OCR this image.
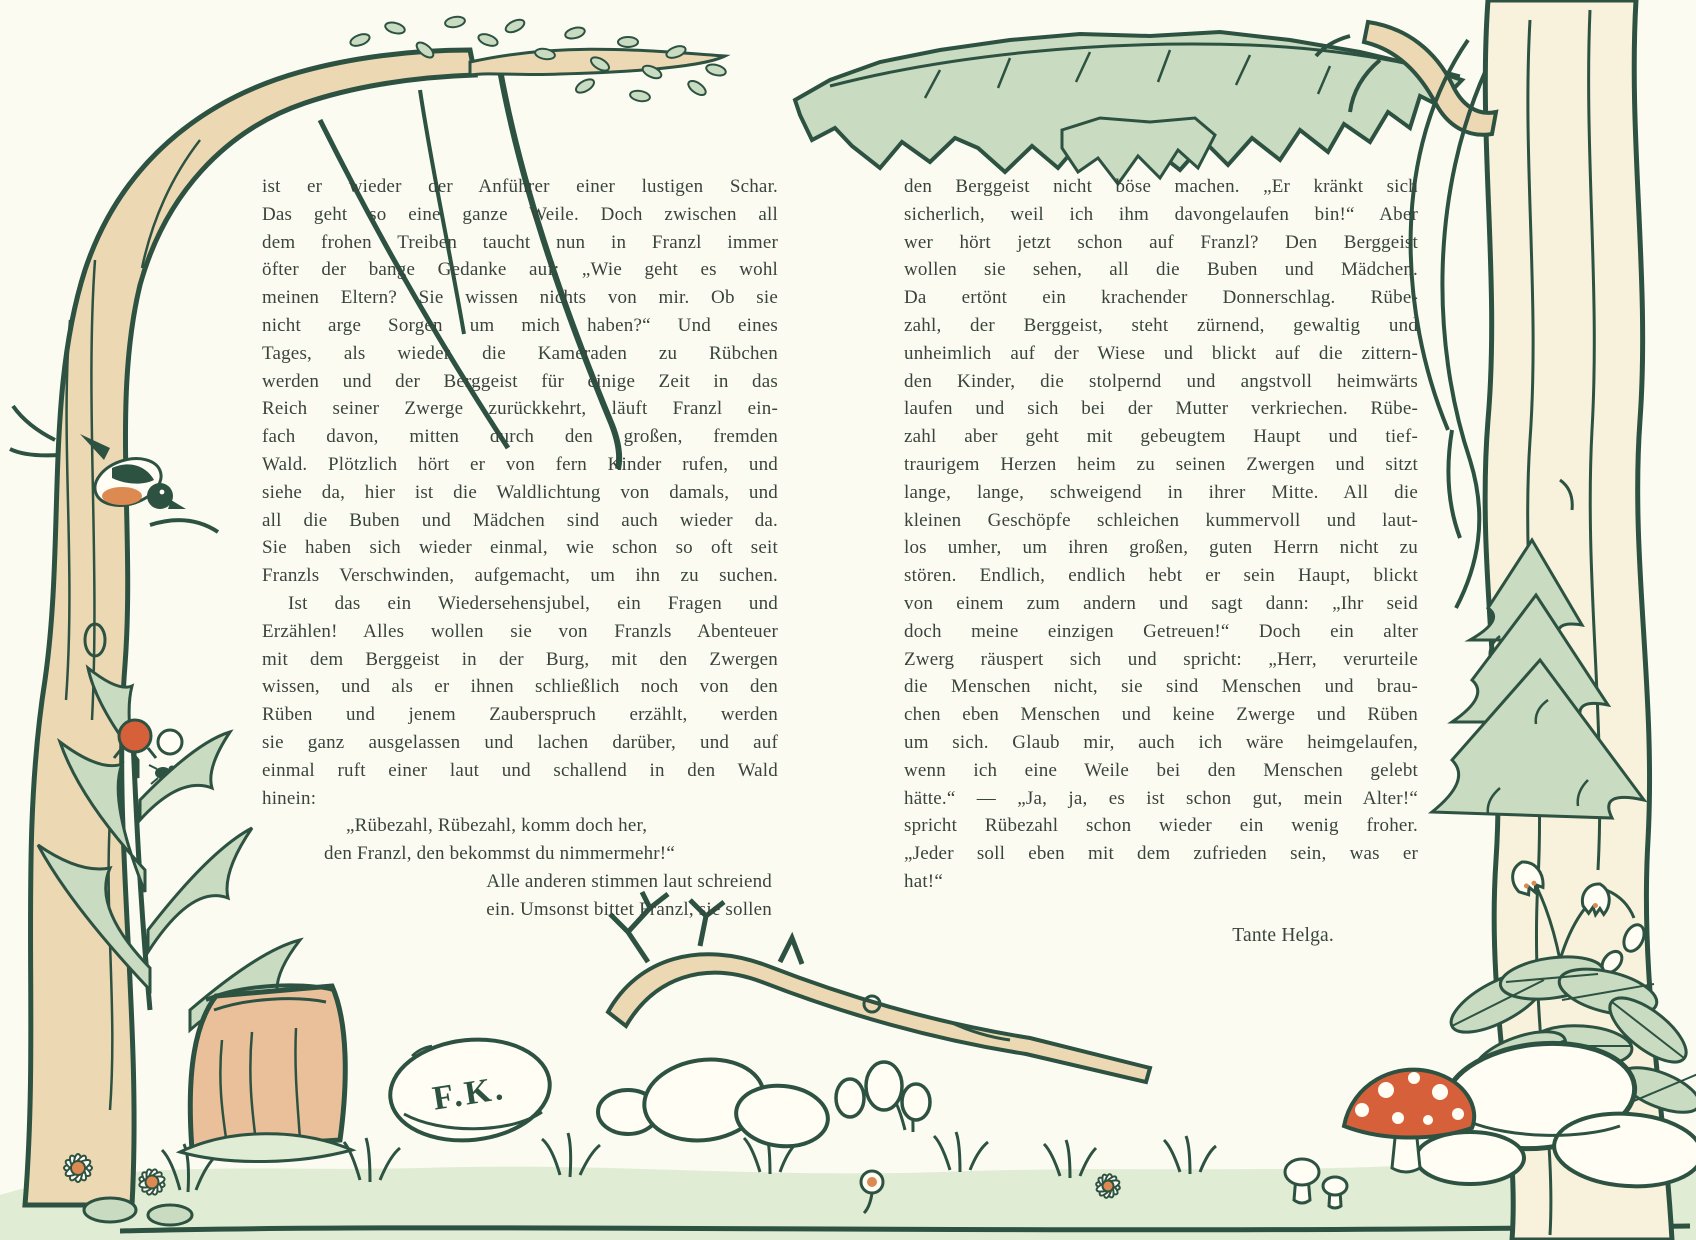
F.K.
ist er wieder der Anführer einer lustigen Schar.
Das geht so eine ganze Weile. Doch zwischen all
dem frohen Treiben taucht nun in Franzl immer
öfter der bange Gedanke auf: „Wie geht es wohl
meinen Eltern? Sie wissen nichts von mir. Ob sie
nicht arge Sorgen um mich haben?“ Und eines
Tages, als wieder die Kameraden zu Rübchen
werden und der Berggeist für einige Zeit in das
Reich seiner Zwerge zurückkehrt, läuft Franzl ein-
fach davon, mitten durch den großen, fremden
Wald. Plötzlich hört er von fern Kinder rufen, und
siehe da, hier ist die Waldlichtung von damals, und
all die Buben und Mädchen sind auch wieder da.
Sie haben sich wieder einmal, wie schon so oft seit
Franzls Verschwinden, aufgemacht, um ihn zu suchen.
Ist das ein Wiedersehensjubel, ein Fragen und
Erzählen! Alles wollen sie von Franzls Abenteuer
mit dem Berggeist in der Burg, mit den Zwergen
wissen, und als er ihnen schließlich noch von den
Rüben und jenem Zauberspruch erzählt, werden
sie ganz ausgelassen und lachen darüber, und auf
einmal ruft einer laut und schallend in den Wald
hinein:
„Rübezahl, Rübezahl, komm doch her,
den Franzl, den bekommst du nimmermehr!“
Alle anderen stimmen laut schreiend
ein. Umsonst bittet Franzl, sie sollen
den Berggeist nicht böse machen. „Er kränkt sich
sicherlich, weil ich ihm davongelaufen bin!“ Aber
wer hört jetzt schon auf Franzl? Den Berggeist
wollen sie sehen, all die Buben und Mädchen.
Da ertönt ein krachender Donnerschlag. Rübe-
zahl, der Berggeist, steht zürnend, gewaltig und
unheimlich auf der Wiese und blickt auf die zittern-
den Kinder, die stolpernd und angstvoll heimwärts
laufen und sich bei der Mutter verkriechen. Rübe-
zahl aber geht mit gebeugtem Haupt und tief-
traurigem Herzen heim zu seinen Zwergen und sitzt
lange, lange, schweigend in ihrer Mitte. All die
kleinen Geschöpfe schleichen kummervoll und laut-
los umher, um ihren großen, guten Herrn nicht zu
stören. Endlich, endlich hebt er sein Haupt, blickt
von einem zum andern und sagt dann: „Ihr seid
doch meine einzigen Getreuen!“ Doch ein alter
Zwerg räuspert sich und spricht: „Herr, verurteile
die Menschen nicht, sie sind Menschen und brau-
chen eben Menschen und keine Zwerge und Rüben
um sich. Glaub mir, auch ich wäre heimgelaufen,
wenn ich eine Weile bei den Menschen gelebt
hätte.“ — „Ja, ja, es ist schon gut, mein Alter!“
spricht Rübezahl schon wieder ein wenig froher.
„Jeder soll eben mit dem zufrieden sein, was er
hat!“
Tante Helga.
